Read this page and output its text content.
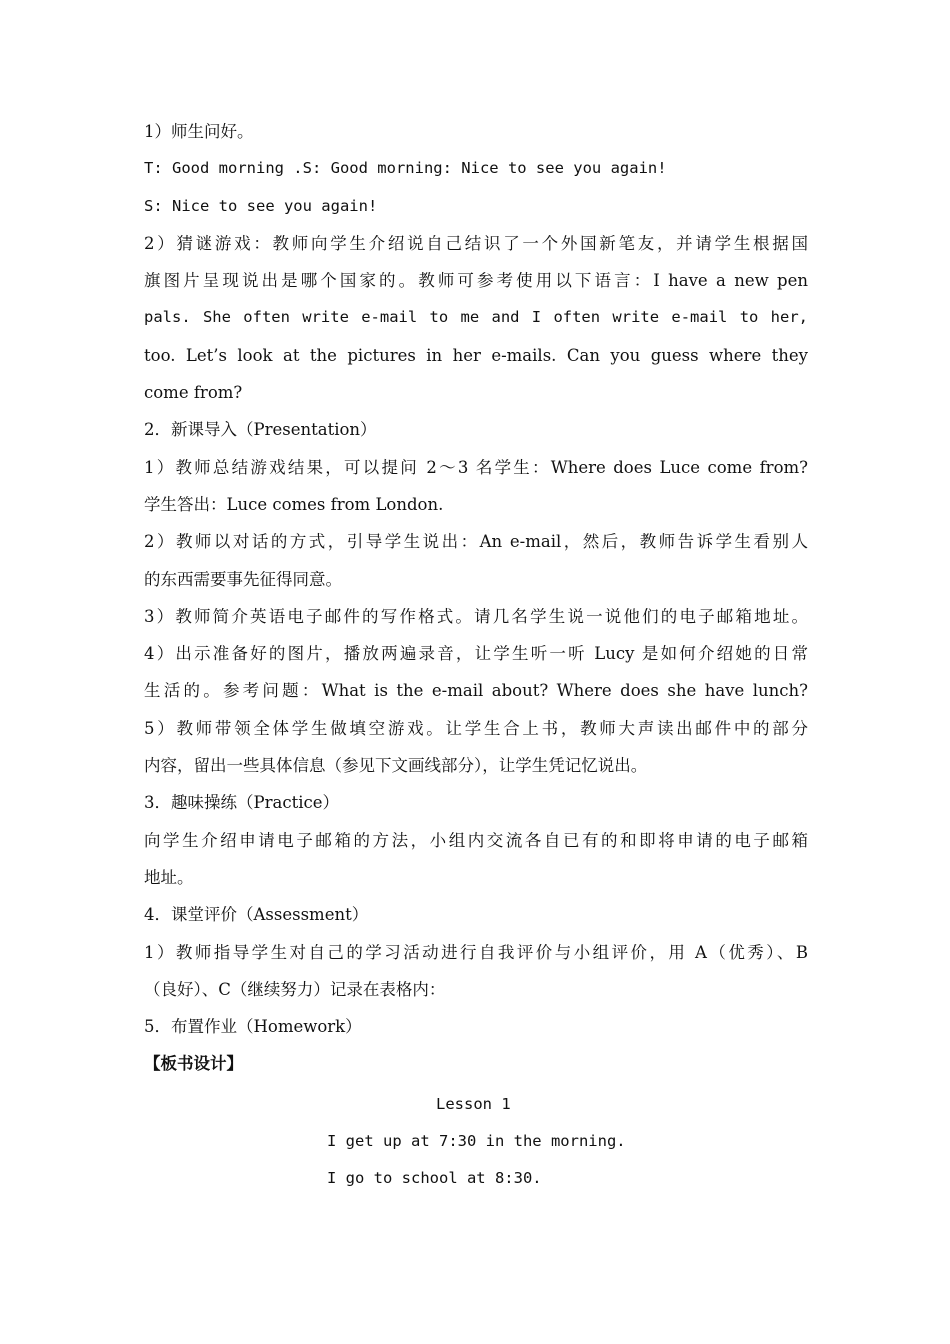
1）师生问好。
T: Good morning .S: Good morning: Nice to see you again!
S: Nice to see you again!
2）猜谜游戏：教师向学生介绍说自己结识了一个外国新笔友，并请学生根据国
旗图片呈现说出是哪个国家的。教师可参考使用以下语言：I have a new pen
pals. She often write e-mail to me and I often write e-mail to her,
too. Let’s look at the pictures in her e-mails. Can you guess where they
come from?
2．新课导入（Presentation）
1）教师总结游戏结果，可以提问 2～3 名学生：Where does Luce come from?
学生答出：Luce comes from London.
2）教师以对话的方式，引导学生说出：An e-mail，然后，教师告诉学生看别人
的东西需要事先征得同意。
3）教师简介英语电子邮件的写作格式。请几名学生说一说他们的电子邮箱地址。
4）出示准备好的图片，播放两遍录音，让学生听一听 Lucy 是如何介绍她的日常
生活的。参考问题：What is the e-mail about? Where does she have lunch?
5）教师带领全体学生做填空游戏。让学生合上书，教师大声读出邮件中的部分
内容，留出一些具体信息（参见下文画线部分），让学生凭记忆说出。
3．趣味操练（Practice）
向学生介绍申请电子邮箱的方法，小组内交流各自已有的和即将申请的电子邮箱
地址。
4．课堂评价（Assessment）
1）教师指导学生对自己的学习活动进行自我评价与小组评价，用 A（优秀）、B
（良好）、C（继续努力）记录在表格内：
5．布置作业（Homework）
【板书设计】
Lesson 1
I get up at 7:30 in the morning.
I go to school at 8:30.
